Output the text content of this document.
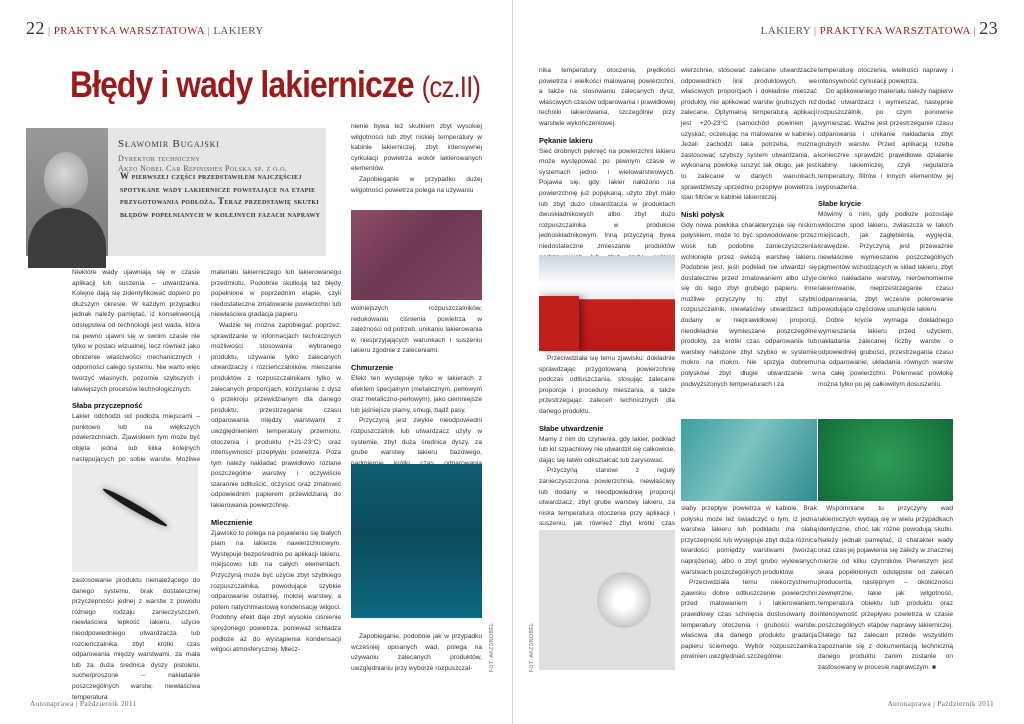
22 | PRAKTYKA WARSZTATOWA | LAKIERY
Błędy i wady lakiernicze (cz.II)
Sławomir Bugajski
Dyrektor techniczny
Akzo Nobel Car Refinishes Polska sp. z o.o.
W pierwszej części przedstawiłem najczęściej spotykane wady lakiernicze powstające na etapie przygotowania podłoża. Teraz przedstawię skutki błędów popełnianych w kolejnych fazach naprawy

Niektóre wady ujawniają się w czasie aplikacji lub suszenia – utwardzania. Kolejne dają się zidentyfikować dopiero po dłuższym okresie. W każdym przypadku jednak należy pamiętać, iż konsekwencją odstępstwa od technologii jest wada, która na pewno ujawni się w swoim czasie nie tylko w postaci wizualnej, lecz również jako obniżenie właściwości mechanicznych i odporności całego systemu. Nie warto więc tworzyć własnych, pozornie szybszych i łatwiejszych procesów technologicznych.

Słaba przyczepność

Lakier odchodzi od podłoża miejscami – punktowo lub na większych powierzchniach. Zjawiskiem tym może być objęta jedna lub kilka kolejnych następujących po sobie warstw. Możliwe

zastosowanie produktu nienależącego do danego systemu, brak dostatecznej przyczepności jednej z warstw z powodu różnego rodzaju zanieczyszczeń, niewłaściwa lepkość lakieru, użycie nieodpowiedniego utwardzacza lub rozcieńczalnika, zbyt krótki czas odparowania między warstwami, za mała lub za duża średnica dyszy pistoletu, suche/proszone – nakładanie poszczególnych warstw, niewłaściwa temperatura

materiału lakierniczego lub lakierowanego przedmiotu. Podobnie skutkują też błędy popełnione w poprzednim etapie, czyli niedostateczne zmatowanie powierzchni lub niewłaściwa gradacja papieru.

Wadzie tej można zapobiegać poprzez: sprawdzanie w informacjach technicznych możliwości stosowania wybranego produktu, używanie tylko zalecanych utwardzaczy i rozcieńczalników, mieszanie produktów z rozpuszczalnikami tylko w zalecanych proporcjach, korzystanie z dysz o przekroju przewidzianym dla danego produktu, przestrzeganie czasu odparowania między warstwami z uwzględnieniem temperatury przemiotu, otoczenia i produktu (+21-23°C) oraz intensywności przepływu powietrza. Poza tym należy nakładać prawidłowo rozlane poszczególne warstwy i oczywiście starannie odtłuścić, oczyścić oraz zmatowić odpowiednim papierem przewidzianą do lakierowania powierzchnię.

Mlecznienie

Zjawisko to polega na pojawieniu się białych plam na lakierze nawierzchniowym. Występuje bezpośrednio po aplikacji lakieru, miejscowo lub na całych elementach. Przyczyną może być użycie zbyt szybkiego rozpuszczalnika, powodujące szybkie odparowanie ostatniej, mokrej warstwy, a potem natychmiastową kondensację wilgoci. Podobny efekt daje zbyt wysokie ciśnienie sprężonego powietrza, ponieważ schładza podłoże aż do wystąpienia kondensacji wilgoci atmosferycznej. Mlecz-

nienie bywa też skutkiem zbyt wysokiej wilgotności lub zbyt niskiej temperatury w kabinie lakierniczej, zbyt intensywnej cyrkulacji powietrza wokół lakierowanych elementów.

Zapobieganie w przypadku dużej wilgotności powietrza polega na używaniu

wolniejszych rozpuszczalników, redukowaniu ciśnienia powietrza w zależności od potrzeb, unikaniu lakierowania w niesprzyjających warunkach i suszeniu lakieru zgodnie z zaleceniami.

Chmurzenie

Efekt ten występuje tylko w lakierach z efektem specjalnym (metalicznym, perłowym oraz metaliczno-perłowym), jako ciemniejsze lub jaśniejsze plamy, smugi, bądź pasy.

Przyczyną jest zwykle nieodpowiedni rozpuszczalnik lub utwardzacz użyty w systemie, zbyt duża średnica dyszy, za grube warstwy lakieru bazowego,

Zapobieganie, podobnie jak w przypadku wcześniej opisanych wad, polega na używaniu zalecanych produktów, uwzględnianiu przy wyborze rozpuszczal-	FOT. AKZONOBEL
Autonaprawa | Październik 2011
LAKIERY | PRAKTYKA WARSZTATOWA | 23
FOT. AKZONOBEL
Autonaprawa | Październik 2011

nika temperatury otoczenia, prędkości powietrza i wielkości malowanej powierzchni, a także na stosowaniu zalecanych dysz, właściwych czasów odparowania i prawidłowej techniki lakierowania, szczególnie przy warstwie wykończeniowej.

Pękanie lakieru

Sieć drobnych pęknięć na powierzchni lakieru może występować po pewnym czasie w systemach jedno- i wielowarstwowych. Pojawia się, gdy: lakier nałożono na powierzchnię już popękaną, użyto zbyt mało lub zbyt dużo utwardzacza w produktach dwuskładnikowych albo zbyt dużo rozpuszczalnika w produkcie jednoskładnikowym. Inną przyczyną bywa niedostateczne zmieszanie produktów

Przeciwdziała się temu zjawisku: dokładnie sprawdzając przygotowaną powierzchnię podczas odtłuszczania, stosując zalecane proporcje i procedury mieszania, a także przestrzegając zaleceń technicznych dla danego produktu.

Słabe utwardzenie

Mamy z nim do czynienia, gdy lakier, podkład lub kit szpachlowy nie utwardził się całkowicie, dając się łatwo odkształcać lub zarysować.

Przyczyną stanowi z reguły zanieczyszczona powierzchnia, niewłaściwy lub dodany w nieodpowiedniej proporcji utwardzacz, zbyt grube warstwy lakieru, za niska temperatura otoczenia przy aplikacji i suszeniu, jak również zbyt krótki czas

wierzchnie, stosować zalecane utwardzacze odpowiednich linii produktowych, we właściwych proporcjach i dokładnie mieszać produkty, nie aplikować warstw grubszych niż zalecane. Optymalną temperaturą aplikacji jest +20-23°C (samochód powinien ją uzyskać, oczekując na malowanie w kabinie). Jeżeli zachodzi taka potrzeba, można zastosować szybszy system utwardzania, a wykonaną powłokę suszyć tak długo, jak jest to zalecane w danych warunkach, sprawdziwszy uprzednio przepływ powietrza i stan filtrów w kabinie lakierniczej.

Niski połysk

Gdy nowa powłoka charakteryzuje się niskim połyskiem, może to być spowodowane przez wosk lub podobne zanieczyszczenia wchłonięte przez świeżą warstwę lakieru. Podobnie jest, jeśli podkład nie utwardzi się dostatecznie przed zmatowaniem albo użyje się do tego zbyt grubego papieru. Inne możliwe przyczyny to: zbyt szybki rozpuszczalnik, niewłaściwy utwardzacz lub dodany w nieprawidłowej proporcji, nieodkładnie wymieszane poszczególne produkty, za krótki czas odparowania lub warstwy nałożone zbyt szybko w systemie mokro na mokro. Nie sprzyja dobremu połyskowi zbyt długie utwardzanie w podwyższonych temperaturach i za

słaby przepływ powietrza w kabinie. Brak połysku może też świadczyć o tym, iż jedna warstwa lakieru lub podkładu ma słabą przyczepność lub występuje zbyt duża różnica twardości pomiędzy warstwami (tworząc naprężenia), albo o zbyt grubo wylewanych warstwach poszczególnych produktów.

Przeciwdziała temu niekorzystnemu zjawisku dobre odtłuszczenie powierzchni przed matowaniem i lakierowaniem, prawidłowy czas schnięcia dostosowany do temperatury otoczenia i grubości warstw, właściwa dla danego produktu gradacja papieru ściernego. Wybór rozpuszczalnika powinien uwzględniać szczególnie:

temperaturę otoczenia, wielkości naprawy i intensywność cyrkulacji powietrza.

Do aplikowanego materiału należy najpierw dodać utwardzacz i wymieszać, następnie rozpuszczalnik, po czym ponownie wymieszać. Ważne jest przestrzeganie czasu odparowania i unikanie nakładania zbyt grubych warstw. Przed aplikacją trzeba koniecznie sprawdzić prawidłowe działanie kabiny lakierniczej, czyli regulatora temperatury, filtrów i innych elementów jej wyposażenia.

Słabe krycie

Mówimy o nim, gdy podłoże pozostaje widoczne spod lakieru, zwłaszcza w takich miejscach, jak zagłębienia, wygięcia, krawędzie. Przyczyną jest przeważnie niewłaściwe wymieszanie poszczególnych pigmentów wchodzących w skład lakieru, zbyt cienko nakładane warstwy, nierównomierne lakierowanie, nieprzestrzeganie czasu odparowania, zbyt wczesne polerowanie powodujące częściowe usunięcie lakieru.

Dobre krycie wymaga dokładnego wymieszania lakieru przed użyciem, nakładania zalecanej liczby warstw o odpowiedniej grubości, przestrzegania czasu na odparowanie, układania równych warstw na całej powierzchni. Polerować powłokę można tylko po jej całkowitym dosuszeniu.

Wspomniane tu przyczyny wad lakierniczych wydają się w wielu przypadkach identyczne, choć tak różne powodują skutki. Należy jednak pamiętać, iż charakter wady oraz czas jej pojawienia się zależy w znacznej mierze od kilku czynników. Pierwszym jest skala popełnionych odstępstw od zaleceń producenta, następnym – okoliczności zewnętrzne, takie jak: wilgotność, temperatura obiektu lub produktu oraz intensywność przepływu powietrza w czasie poszczególnych etapów naprawy lakierniczej. Dlatego też zalecam przede wszystkim zapoznanie się z dokumentacją techniczną danego produktu zanim zostanie on zastosowany w procesie naprawczym. ■
